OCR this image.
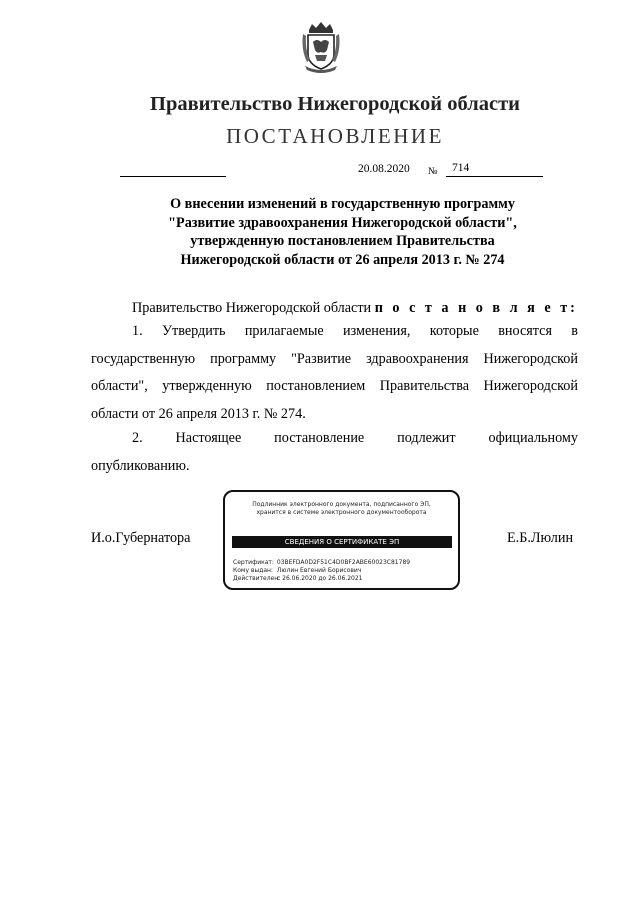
Правительство Нижегородской области
ПОСТАНОВЛЕНИЕ
20.08.2020 № 714
О внесении изменений в государственную программу
"Развитие здравоохранения Нижегородской области",
утвержденную постановлением Правительства
Нижегородской области от 26 апреля 2013 г. № 274
Правительство Нижегородской области п о с т а н о в л я е т:
1. Утвердить прилагаемые изменения, которые вносятся в государственную программу "Развитие здравоохранения Нижегородской области", утвержденную постановлением Правительства Нижегородской
области от 26 апреля 2013 г. № 274.
2. Настоящее постановление подлежит официальному
опубликованию.
И.о.Губернатора	Е.Б.Люлин
Подлинник электронного документа, подписанного ЭП,
хранится в системе электронного документооборота
СВЕДЕНИЯ О СЕРТИФИКАТЕ ЭП
Сертификат: 03BEFDA0D2F51C4D0BF2ABE60023C81789
Кому выдан: Люлин Евгений Борисович
Действителен: с 26.06.2020 до 26.06.2021
